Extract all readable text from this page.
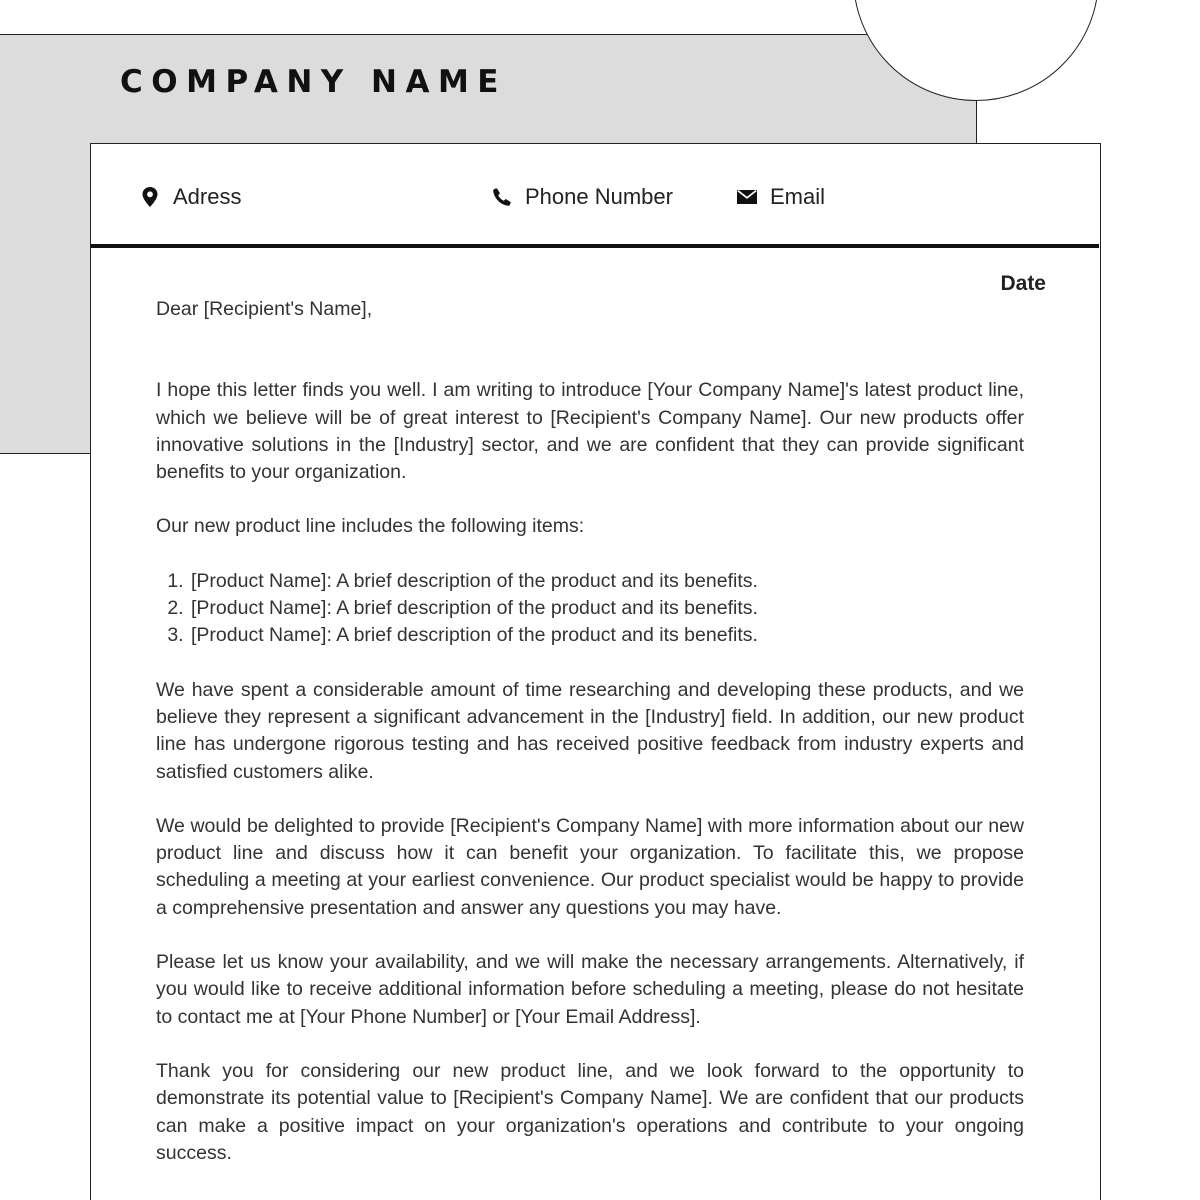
COMPANY NAME
Adress	Phone Number	Email
Date

Dear [Recipient's Name],

I hope this letter finds you well. I am writing to introduce [Your Company Name]'s latest product line, which we believe will be of great interest to [Recipient's Company Name]. Our new products offer innovative solutions in the [Industry] sector, and we are confident that they can provide significant benefits to your organization.

Our new product line includes the following items:

1. [Product Name]: A brief description of the product and its benefits.
2. [Product Name]: A brief description of the product and its benefits.
3. [Product Name]: A brief description of the product and its benefits.

We have spent a considerable amount of time researching and developing these products, and we believe they represent a significant advancement in the [Industry] field. In addition, our new product line has undergone rigorous testing and has received positive feedback from industry experts and satisfied customers alike.

We would be delighted to provide [Recipient's Company Name] with more information about our new product line and discuss how it can benefit your organization. To facilitate this, we propose scheduling a meeting at your earliest convenience. Our product specialist would be happy to provide a comprehensive presentation and answer any questions you may have.

Please let us know your availability, and we will make the necessary arrangements. Alternatively, if you would like to receive additional information before scheduling a meeting, please do not hesitate to contact me at [Your Phone Number] or [Your Email Address].

Thank you for considering our new product line, and we look forward to the opportunity to demonstrate its potential value to [Recipient's Company Name]. We are confident that our products can make a positive impact on your organization's operations and contribute to your ongoing success.
